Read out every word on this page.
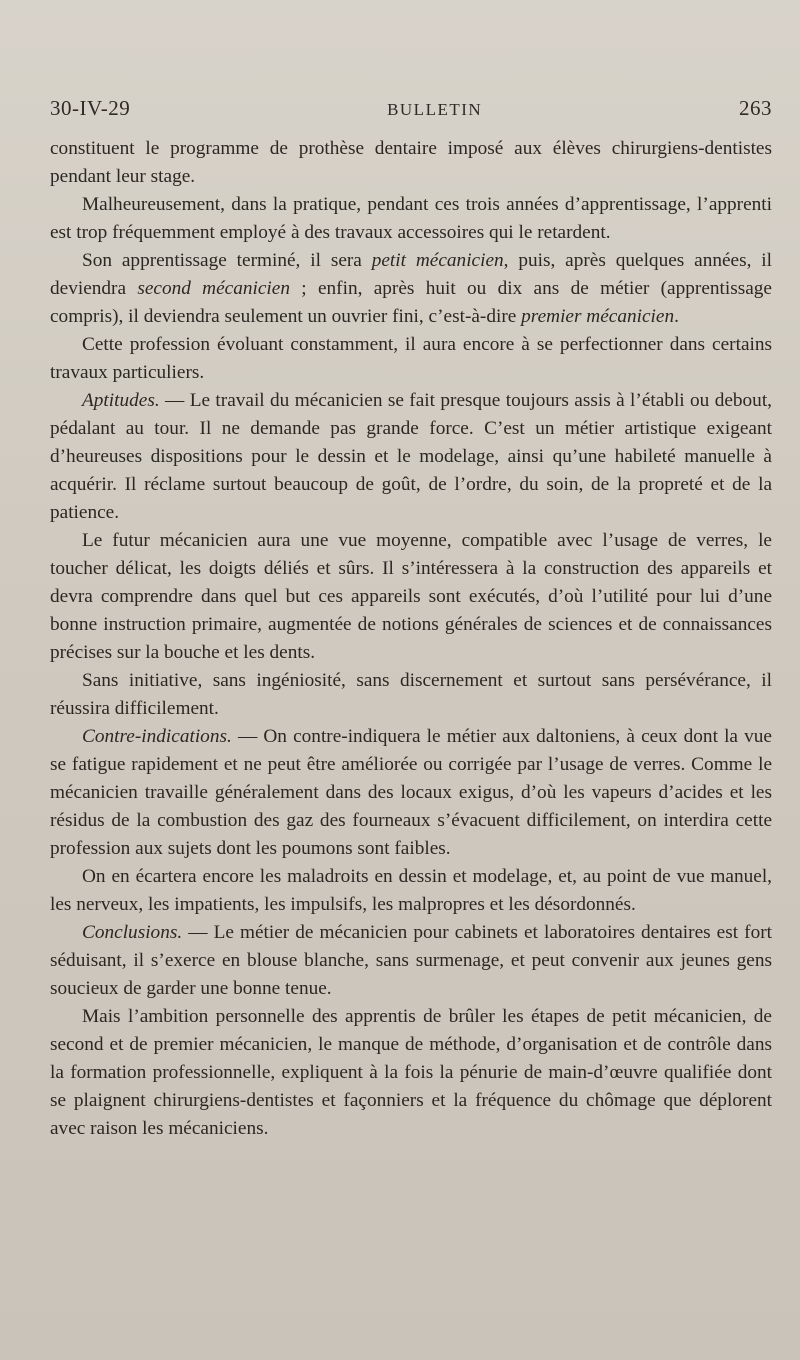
30-IV-29	BULLETIN	263

constituent le programme de prothèse dentaire imposé aux élèves chirurgiens-dentistes pendant leur stage.

Malheureusement, dans la pratique, pendant ces trois années d’apprentissage, l’apprenti est trop fréquemment employé à des travaux accessoires qui le retardent.

Son apprentissage terminé, il sera petit mécanicien, puis, après quelques années, il deviendra second mécanicien ; enfin, après huit ou dix ans de métier (apprentissage compris), il deviendra seulement un ouvrier fini, c’est-à-dire premier mécanicien.

Cette profession évoluant constamment, il aura encore à se perfectionner dans certains travaux particuliers.

Aptitudes. — Le travail du mécanicien se fait presque toujours assis à l’établi ou debout, pédalant au tour. Il ne demande pas grande force. C’est un métier artistique exigeant d’heureuses dispositions pour le dessin et le modelage, ainsi qu’une habileté manuelle à acquérir. Il réclame surtout beaucoup de goût, de l’ordre, du soin, de la propreté et de la patience.

Le futur mécanicien aura une vue moyenne, compatible avec l’usage de verres, le toucher délicat, les doigts déliés et sûrs. Il s’intéressera à la construction des appareils et devra comprendre dans quel but ces appareils sont exécutés, d’où l’utilité pour lui d’une bonne instruction primaire, augmentée de notions générales de sciences et de connaissances précises sur la bouche et les dents.

Sans initiative, sans ingéniosité, sans discernement et surtout sans persévérance, il réussira difficilement.

Contre-indications. — On contre-indiquera le métier aux daltoniens, à ceux dont la vue se fatigue rapidement et ne peut être améliorée ou corrigée par l’usage de verres. Comme le mécanicien travaille généralement dans des locaux exigus, d’où les vapeurs d’acides et les résidus de la combustion des gaz des fourneaux s’évacuent difficilement, on interdira cette profession aux sujets dont les poumons sont faibles.

On en écartera encore les maladroits en dessin et modelage, et, au point de vue manuel, les nerveux, les impatients, les impulsifs, les malpropres et les désordonnés.

Conclusions. — Le métier de mécanicien pour cabinets et laboratoires dentaires est fort séduisant, il s’exerce en blouse blanche, sans surmenage, et peut convenir aux jeunes gens soucieux de garder une bonne tenue.

Mais l’ambition personnelle des apprentis de brûler les étapes de petit mécanicien, de second et de premier mécanicien, le manque de méthode, d’organisation et de contrôle dans la formation professionnelle, expliquent à la fois la pénurie de main-d’œuvre qualifiée dont se plaignent chirurgiens-dentistes et façonniers et la fréquence du chômage que déplorent avec raison les mécaniciens.
